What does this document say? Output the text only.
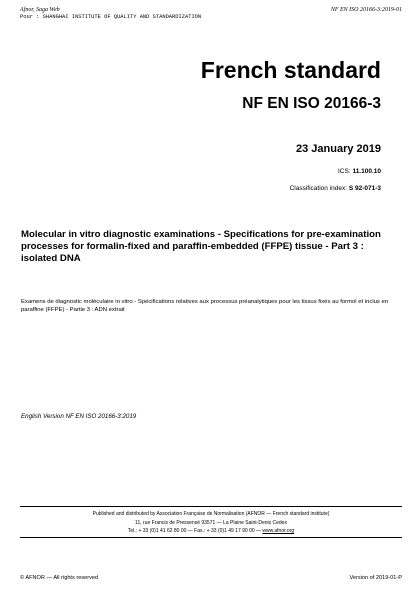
Afnor, Saga Web
Pour : SHANGHAI INSTITUTE OF QUALITY AND STANDARDIZATION
NF EN ISO 20166-3:2019-01
French standard
NF EN ISO 20166-3
23 January 2019
ICS: 11.100.10
Classification index: S 92-071-3
Molecular in vitro diagnostic examinations - Specifications for pre-examination processes for formalin-fixed and paraffin-embedded (FFPE) tissue - Part 3 : isolated DNA
Examens de diagnostic moléculaire in vitro - Spécifications relatives aux processus préanalytiques pour les tissus fixés au formol et inclus en paraffine (FFPE) - Partie 3 : ADN extrait
English Version NF EN ISO 20166-3:2019
Published and distributed by Association Française de Normalisation (AFNOR — French standard institute)
11, rue Francis de Pressensé 93571 — La Plaine Saint-Denis Cedex
Tel.: + 33 (0)1 41 62 80 00 — Fax.: + 33 (0)1 49 17 90 00 — www.afnor.org
© AFNOR — All rights reserved	Version of 2019-01-P
